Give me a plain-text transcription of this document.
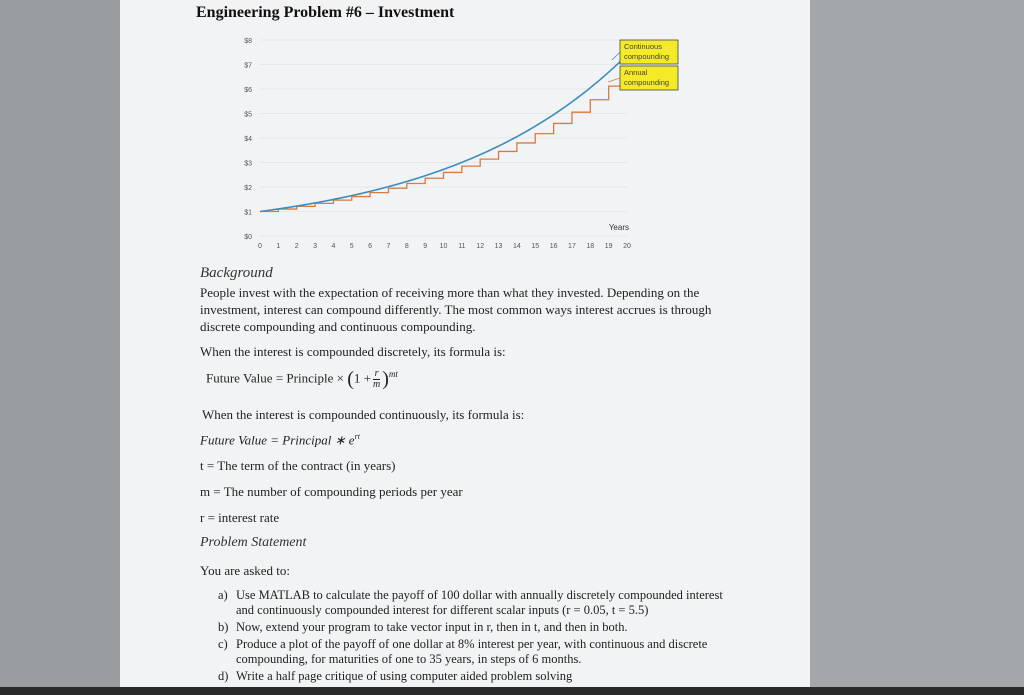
Engineering Problem #6 – Investment
$0
$1
$2
$3
$4
$5
$6
$7
$8
0 1 2 3 4 5 6 7 8 9 10 11 12 13 14 15 16 17 18 19 20
Years
Continuous
compounding
Annual
compounding
Background
People invest with the expectation of receiving more than what they invested. Depending on the
investment, interest can compound differently. The most common ways interest accrues is through
discrete compounding and continuous compounding.
When the interest is compounded discretely, its formula is:
Future Value = Principle × $(1 + \frac{r}{m} )^{mt}$
When the interest is compounded continuously, its formula is:
Future Value = Principal ∗ $e^{rt}$
t = The term of the contract (in years)
m = The number of compounding periods per year
r = interest rate
Problem Statement
You are asked to:
a) Use MATLAB to calculate the payoff of 100 dollar with annually discretely compounded interest and continuously compounded interest for different scalar inputs (r = 0.05, t = 5.5)
b) Now, extend your program to take vector input in r, then in t, and then in both.
c) Produce a plot of the payoff of one dollar at 8% interest per year, with continuous and discrete compounding, for maturities of one to 35 years, in steps of 6 months.
d) Write a half page critique of using computer aided problem solving
